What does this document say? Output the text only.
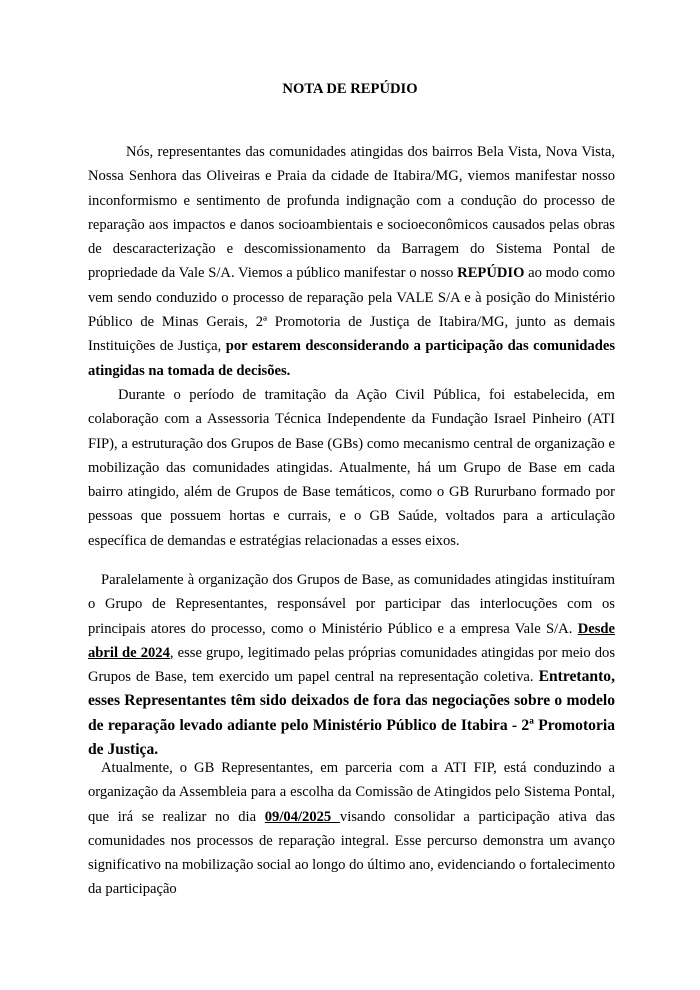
NOTA DE REPÚDIO

Nós, representantes das comunidades atingidas dos bairros Bela Vista, Nova Vista, Nossa Senhora das Oliveiras e Praia da cidade de Itabira/MG, viemos manifestar nosso inconformismo e sentimento de profunda indignação com a condução do processo de reparação aos impactos e danos socioambientais e socioeconômicos causados pelas obras de descaracterização e descomissionamento da Barragem do Sistema Pontal de propriedade da Vale S/A. Viemos a público manifestar o nosso REPÚDIO ao modo como vem sendo conduzido o processo de reparação pela VALE S/A e à posição do Ministério Público de Minas Gerais, 2ª Promotoria de Justiça de Itabira/MG, junto as demais Instituições de Justiça, por estarem desconsiderando a participação das comunidades atingidas na tomada de decisões.

Durante o período de tramitação da Ação Civil Pública, foi estabelecida, em colaboração com a Assessoria Técnica Independente da Fundação Israel Pinheiro (ATI FIP), a estruturação dos Grupos de Base (GBs) como mecanismo central de organização e mobilização das comunidades atingidas. Atualmente, há um Grupo de Base em cada bairro atingido, além de Grupos de Base temáticos, como o GB Rururbano formado por pessoas que possuem hortas e currais, e o GB Saúde, voltados para a articulação específica de demandas e estratégias relacionadas a esses eixos.

Paralelamente à organização dos Grupos de Base, as comunidades atingidas instituíram o Grupo de Representantes, responsável por participar das interlocuções com os principais atores do processo, como o Ministério Público e a empresa Vale S/A. Desde abril de 2024, esse grupo, legitimado pelas próprias comunidades atingidas por meio dos Grupos de Base, tem exercido um papel central na representação coletiva. Entretanto, esses Representantes têm sido deixados de fora das negociações sobre o modelo de reparação levado adiante pelo Ministério Público de Itabira - 2ª Promotoria de Justiça.

Atualmente, o GB Representantes, em parceria com a ATI FIP, está conduzindo a organização da Assembleia para a escolha da Comissão de Atingidos pelo Sistema Pontal, que irá se realizar no dia 09/04/2025 visando consolidar a participação ativa das comunidades nos processos de reparação integral. Esse percurso demonstra um avanço significativo na mobilização social ao longo do último ano, evidenciando o fortalecimento da participação
